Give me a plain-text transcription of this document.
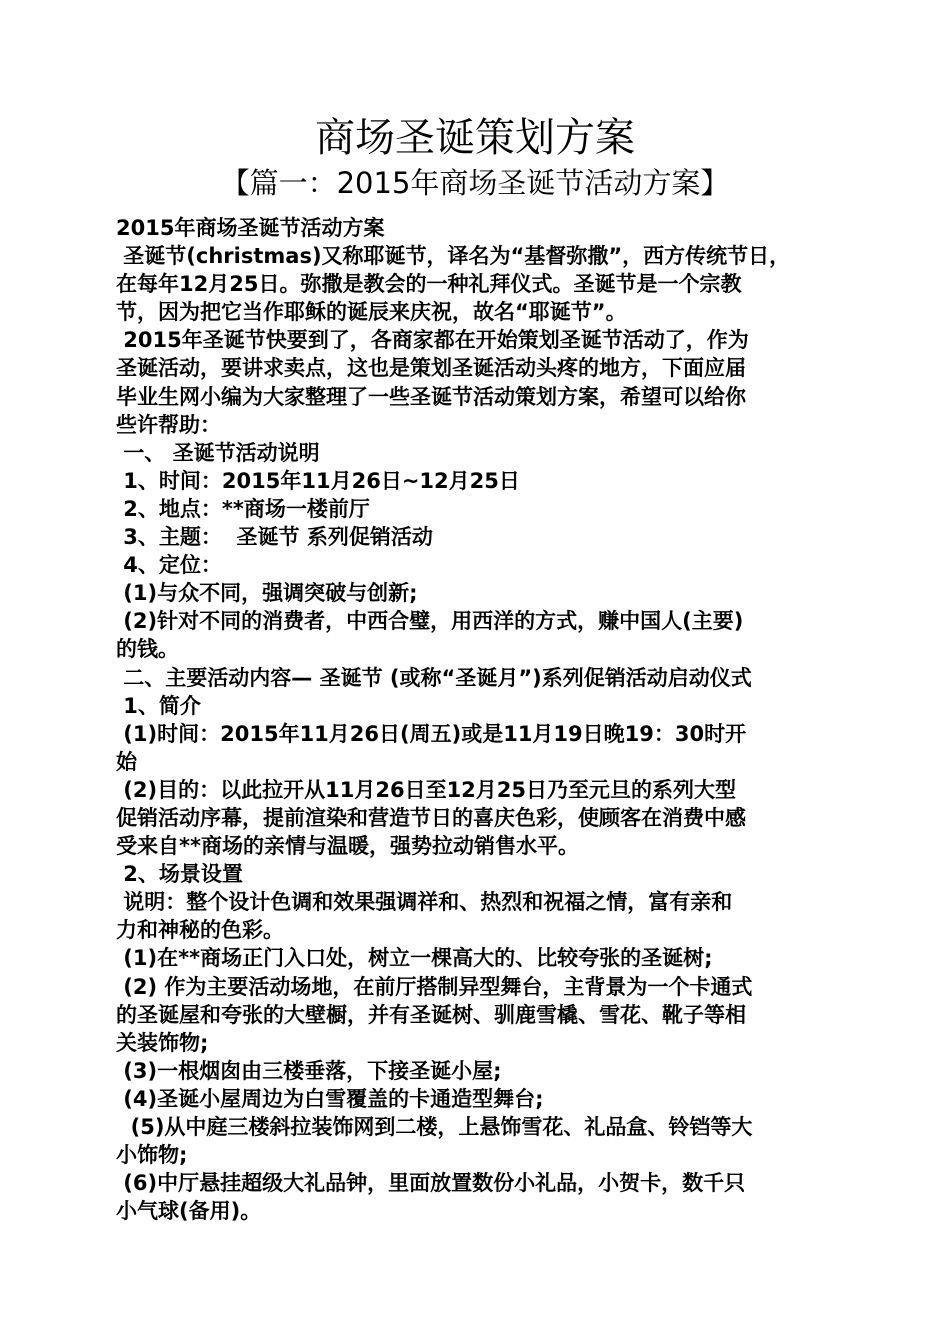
商场圣诞策划方案
【篇一：2015年商场圣诞节活动方案】

2015年商场圣诞节活动方案

圣诞节(christmas)又称耶诞节，译名为“基督弥撒”，西方传统节日，

在每年12月25日。弥撒是教会的一种礼拜仪式。圣诞节是一个宗教

节，因为把它当作耶稣的诞辰来庆祝，故名“耶诞节”。

2015年圣诞节快要到了，各商家都在开始策划圣诞节活动了，作为

圣诞活动，要讲求卖点，这也是策划圣诞活动头疼的地方，下面应届

毕业生网小编为大家整理了一些圣诞节活动策划方案，希望可以给你

些许帮助：

一、 圣诞节活动说明

1、时间：2015年11月26日~12月25日

2、地点：**商场一楼前厅

3、主题：  圣诞节 系列促销活动

4、定位：

(1)与众不同，强调突破与创新;

(2)针对不同的消费者，中西合璧，用西洋的方式，赚中国人(主要)

的钱。

二、主要活动内容— 圣诞节 (或称“圣诞月”)系列促销活动启动仪式

1、简介

(1)时间：2015年11月26日(周五)或是11月19日晚19：30时开

始

(2)目的：以此拉开从11月26日至12月25日乃至元旦的系列大型

促销活动序幕，提前渲染和营造节日的喜庆色彩，使顾客在消费中感

受来自**商场的亲情与温暖，强势拉动销售水平。

2、场景设置

说明：整个设计色调和效果强调祥和、热烈和祝福之情，富有亲和

力和神秘的色彩。

(1)在**商场正门入口处，树立一棵高大的、比较夸张的圣诞树;

(2) 作为主要活动场地，在前厅搭制异型舞台，主背景为一个卡通式

的圣诞屋和夸张的大壁橱，并有圣诞树、驯鹿雪橇、雪花、靴子等相

关装饰物;

(3)一根烟囱由三楼垂落，下接圣诞小屋;

(4)圣诞小屋周边为白雪覆盖的卡通造型舞台;

(5)从中庭三楼斜拉装饰网到二楼，上悬饰雪花、礼品盒、铃铛等大

小饰物;

(6)中厅悬挂超级大礼品钟，里面放置数份小礼品，小贺卡，数千只

小气球(备用)。
